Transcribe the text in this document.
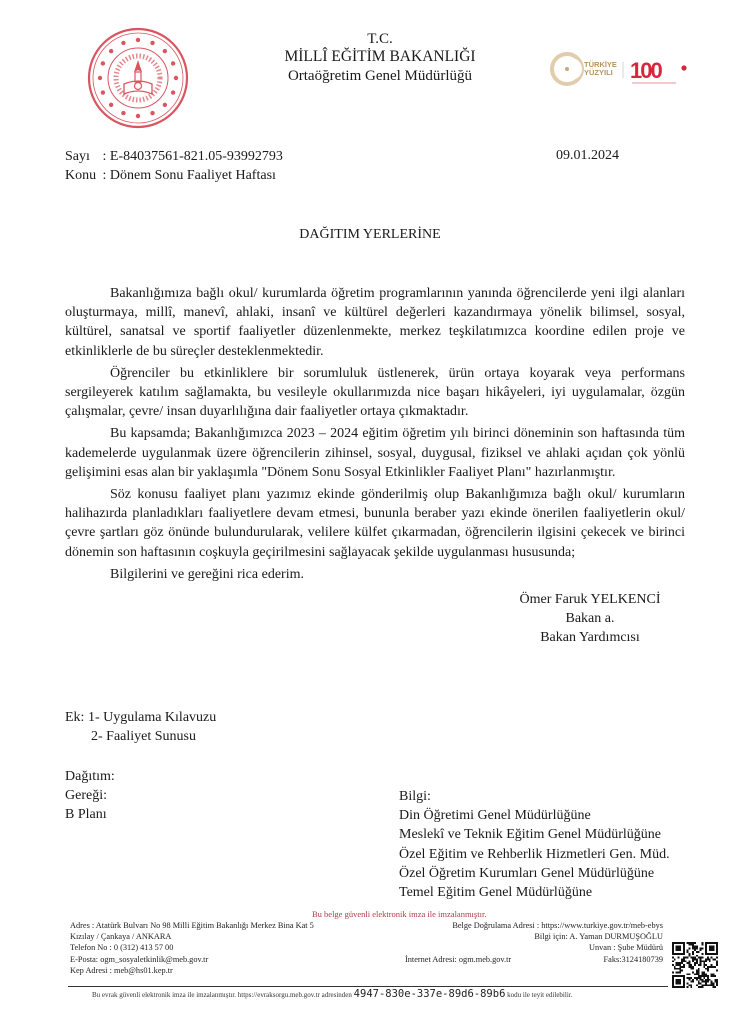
T.C.
MİLLÎ EĞİTİM BAKANLIĞI
Ortaöğretim Genel Müdürlüğü
TÜRKİYE
YÜZYILI 100
Sayı : E-84037561-821.05-93992793
Konu : Dönem Sonu Faaliyet Haftası
09.01.2024
DAĞITIM YERLERİNE

Bakanlığımıza bağlı okul/ kurumlarda öğretim programlarının yanında öğrencilerde yeni ilgi alanları oluşturmaya, millî, manevî, ahlaki, insanî ve kültürel değerleri kazandırmaya yönelik bilimsel, sosyal, kültürel, sanatsal ve sportif faaliyetler düzenlenmekte, merkez teşkilatımızca koordine edilen proje ve etkinliklerle de bu süreçler desteklenmektedir.

Öğrenciler bu etkinliklere bir sorumluluk üstlenerek, ürün ortaya koyarak veya performans sergileyerek katılım sağlamakta, bu vesileyle okullarımızda nice başarı hikâyeleri, iyi uygulamalar, özgün çalışmalar, çevre/ insan duyarlılığına dair faaliyetler ortaya çıkmaktadır.

Bu kapsamda; Bakanlığımızca 2023 – 2024 eğitim öğretim yılı birinci döneminin son haftasında tüm kademelerde uygulanmak üzere öğrencilerin zihinsel, sosyal, duygusal, fiziksel ve ahlaki açıdan çok yönlü gelişimini esas alan bir yaklaşımla "Dönem Sonu Sosyal Etkinlikler Faaliyet Planı" hazırlanmıştır.

Söz konusu faaliyet planı yazımız ekinde gönderilmiş olup Bakanlığımıza bağlı okul/ kurumların halihazırda planladıkları faaliyetlere devam etmesi, bununla beraber yazı ekinde önerilen faaliyetlerin okul/ çevre şartları göz önünde bulundurularak, velilere külfet çıkarmadan, öğrencilerin ilgisini çekecek ve birinci dönemin son haftasının coşkuyla geçirilmesini sağlayacak şekilde uygulanması hususunda;

Bilgilerini ve gereğini rica ederim.

Ömer Faruk YELKENCİ
Bakan a.
Bakan Yardımcısı
Ek: 1- Uygulama Kılavuzu
2- Faaliyet Sunusu
Dağıtım:
Gereği:
B Planı
Bilgi:
Din Öğretimi Genel Müdürlüğüne
Meslekî ve Teknik Eğitim Genel Müdürlüğüne
Özel Eğitim ve Rehberlik Hizmetleri Gen. Müd.
Özel Öğretim Kurumları Genel Müdürlüğüne
Temel Eğitim Genel Müdürlüğüne
Bu belge güvenli elektronik imza ile imzalanmıştır.
Adres : Atatürk Bulvarı No 98 Milli Eğitim Bakanlığı Merkez Bina Kat 5
Kızılay / Çankaya / ANKARA
Telefon No : 0 (312) 413 57 00
E-Posta: ogm_sosyaletkinlik@meb.gov.tr
Kep Adresi : meb@hs01.kep.tr
Belge Doğrulama Adresi : https://www.turkiye.gov.tr/meb-ebys
Bilgi için: A. Yaman DURMUŞOĞLU
Unvan : Şube Müdürü
İnternet Adresi: ogm.meb.gov.tr	Faks:3124180739
Bu evrak güvenli elektronik imza ile imzalanmıştır. https://evraksorgu.meb.gov.tr adresinden 4947-830e-337e-89d6-89b6 kodu ile teyit edilebilir.
